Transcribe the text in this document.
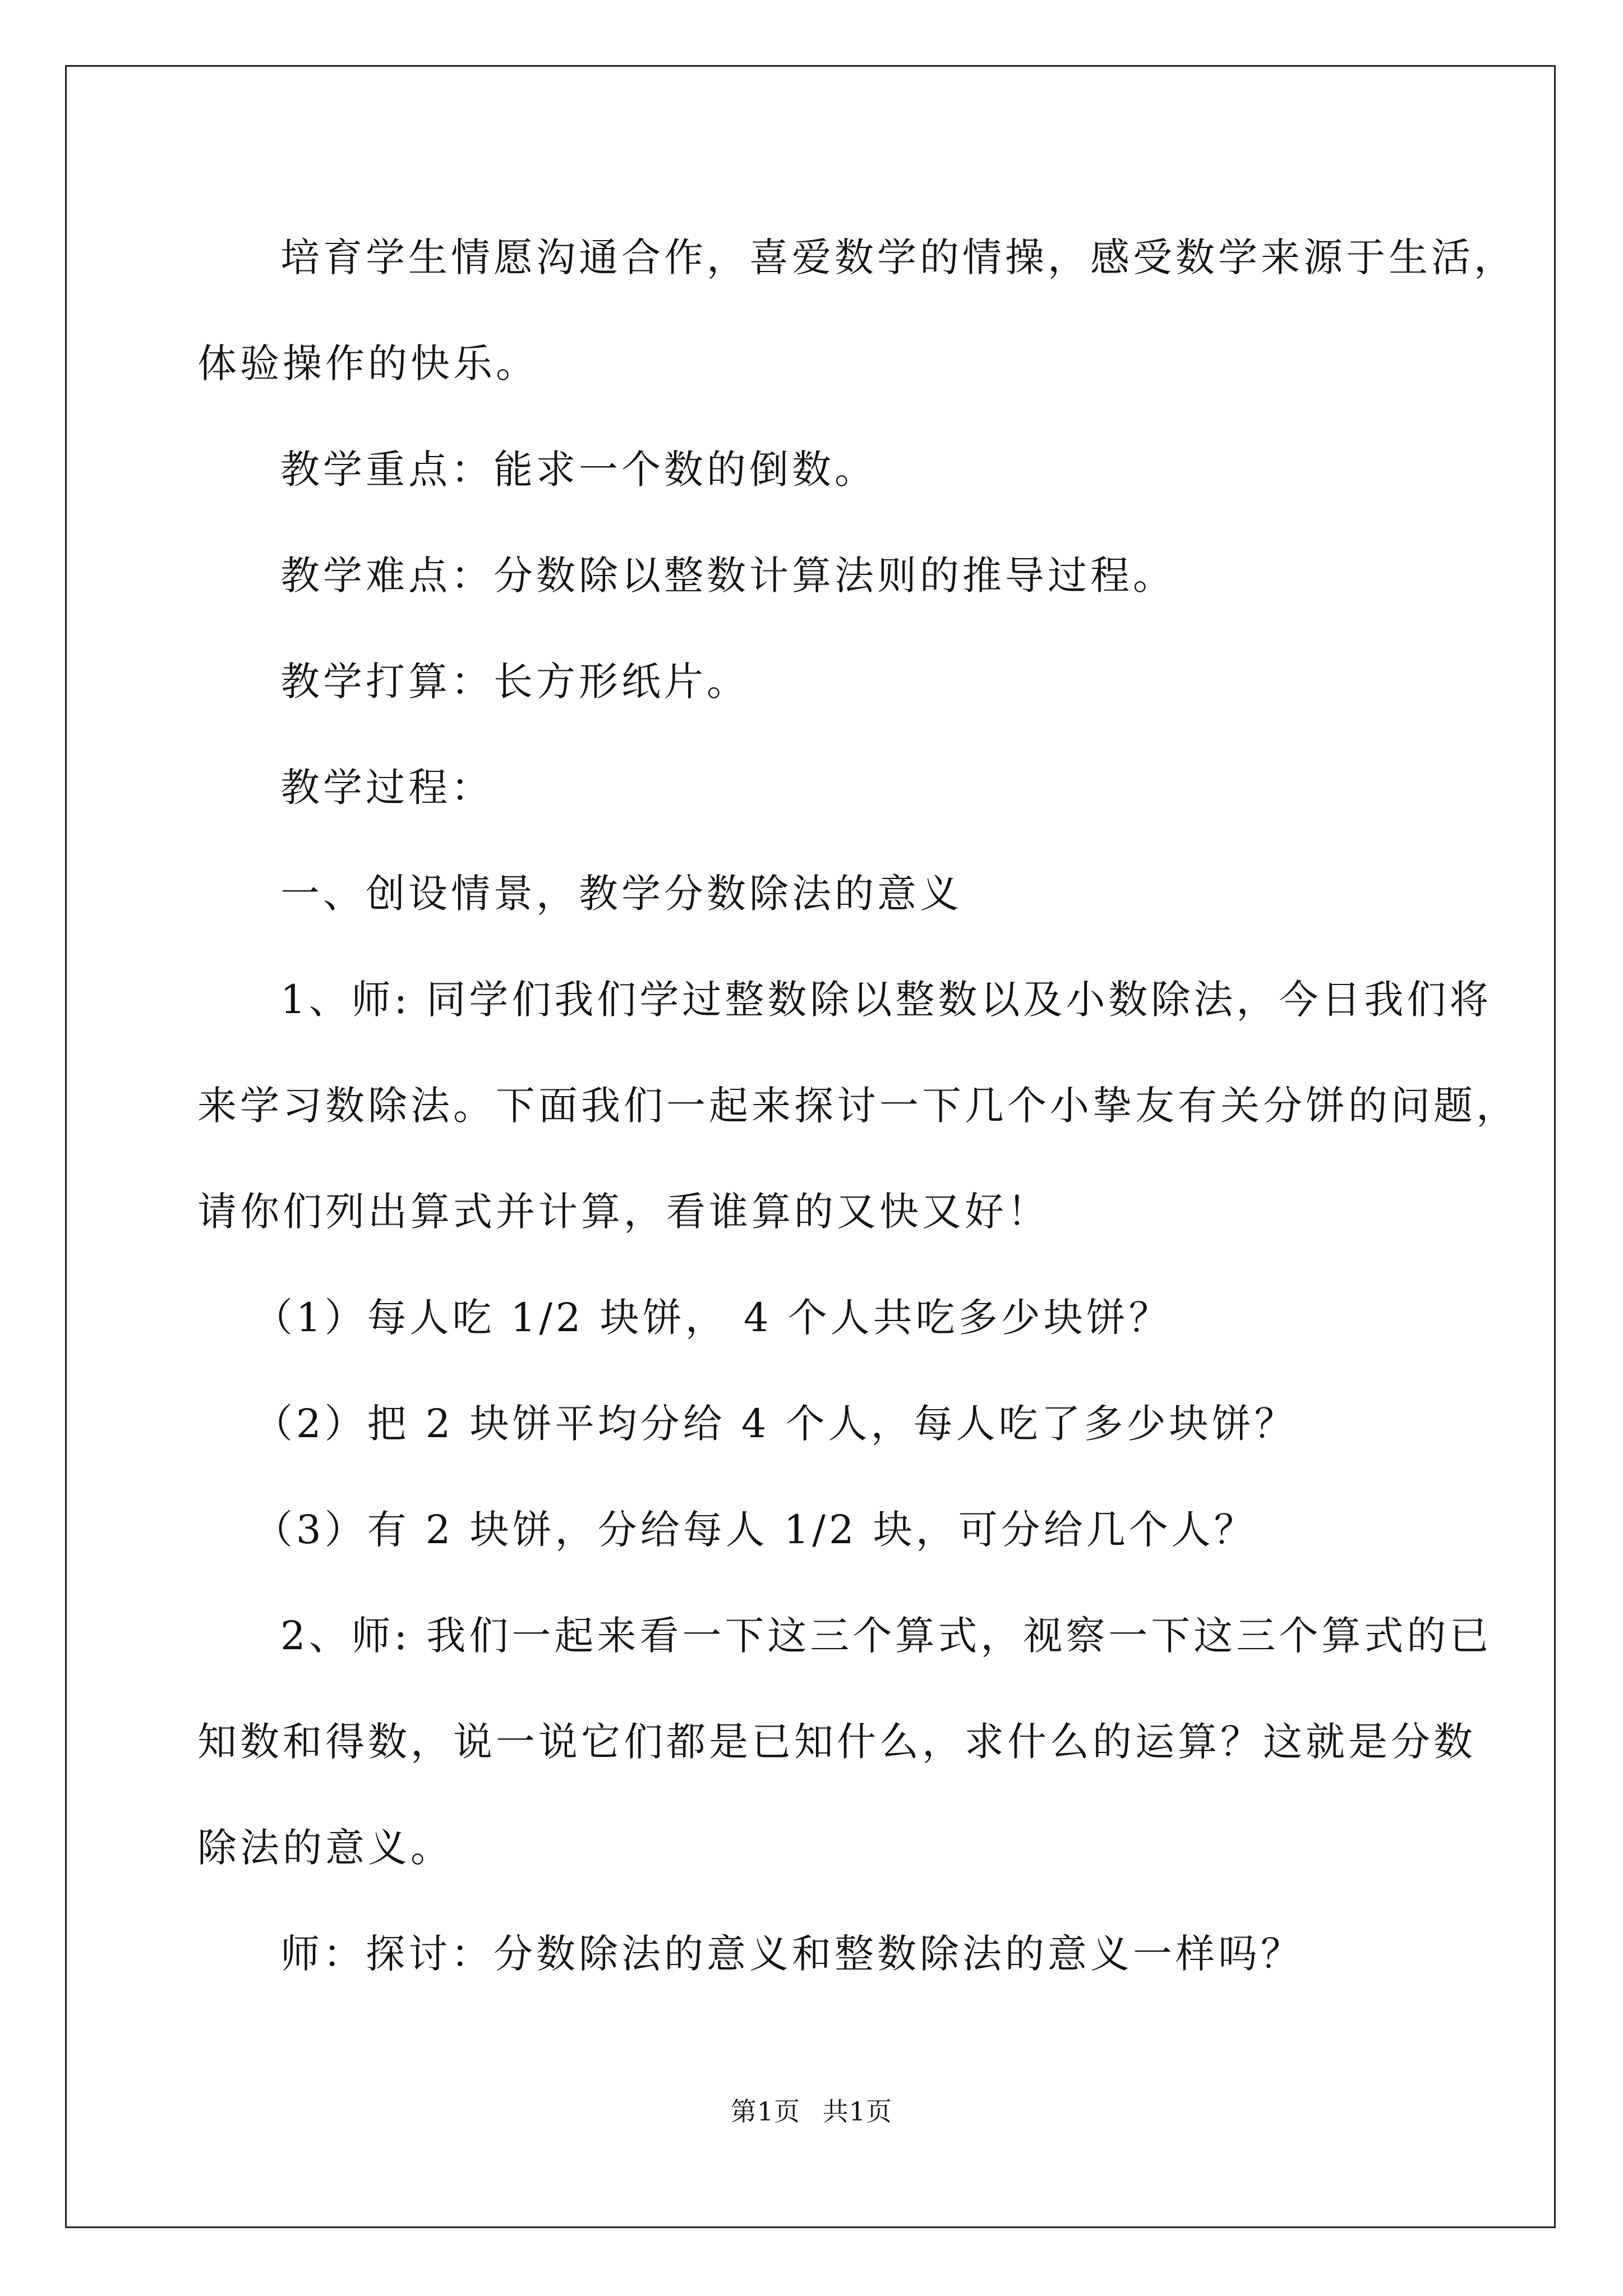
培育学生情愿沟通合作，喜爱数学的情操，感受数学来源于生活，

体验操作的快乐。

教学重点：能求一个数的倒数。

教学难点：分数除以整数计算法则的推导过程。

教学打算：长方形纸片。

教学过程：

一、创设情景，教学分数除法的意义

1、师: 同学们我们学过整数除以整数以及小数除法，今日我们将

来学习数除法。下面我们一起来探讨一下几个小挚友有关分饼的问题，

请你们列出算式并计算，看谁算的又快又好！

（1）每人吃 1/2 块饼， 4 个人共吃多少块饼？

（2）把 2 块饼平均分给 4 个人，每人吃了多少块饼？

（3）有 2 块饼，分给每人 1/2 块，可分给几个人？

2、师: 我们一起来看一下这三个算式，视察一下这三个算式的已

知数和得数，说一说它们都是已知什么，求什么的运算？这就是分数

除法的意义。

师：探讨：分数除法的意义和整数除法的意义一样吗？

第1页 共1页
